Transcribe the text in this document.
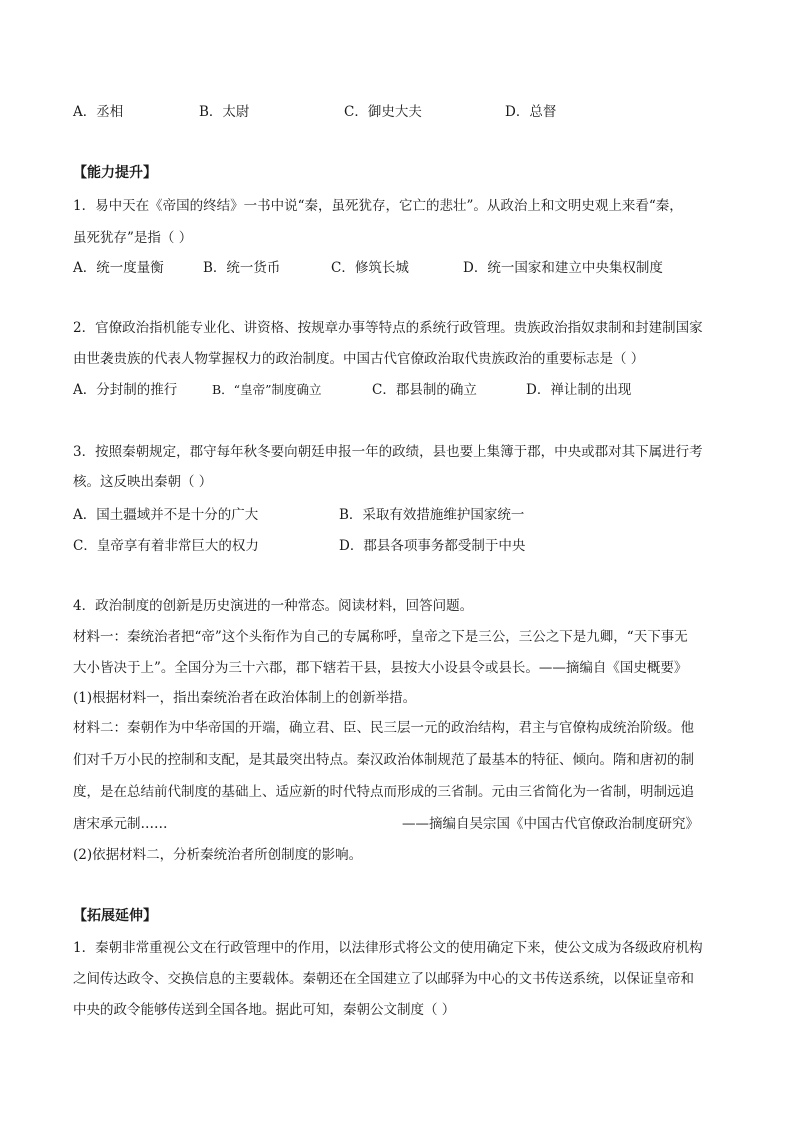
A．丞相	B．太尉	C．御史大夫	D．总督
【能力提升】
1．易中天在《帝国的终结》一书中说“秦，虽死犹存，它亡的悲壮”。从政治上和文明史观上来看“秦，
虽死犹存”是指（ ）
A．统一度量衡	B．统一货币	C．修筑长城	D．统一国家和建立中央集权制度
2．官僚政治指机能专业化、讲资格、按规章办事等特点的系统行政管理。贵族政治指奴隶制和封建制国家
由世袭贵族的代表人物掌握权力的政治制度。中国古代官僚政治取代贵族政治的重要标志是（ ）
A．分封制的推行	B．“皇帝”制度确立	C．郡县制的确立	D．禅让制的出现
3．按照秦朝规定，郡守每年秋冬要向朝廷申报一年的政绩，县也要上集簿于郡，中央或郡对其下属进行考
核。这反映出秦朝（ ）
A．国土疆域并不是十分的广大	B．采取有效措施维护国家统一
C．皇帝享有着非常巨大的权力	D．郡县各项事务都受制于中央
4．政治制度的创新是历史演进的一种常态。阅读材料，回答问题。
材料一：秦统治者把“帝”这个头衔作为自己的专属称呼，皇帝之下是三公，三公之下是九卿，“天下事无
大小皆决于上”。全国分为三十六郡，郡下辖若干县，县按大小设县令或县长。——摘编自《国史概要》
(1)根据材料一，指出秦统治者在政治体制上的创新举措。
材料二：秦朝作为中华帝国的开端，确立君、臣、民三层一元的政治结构，君主与官僚构成统治阶级。他
们对千万小民的控制和支配，是其最突出特点。秦汉政治体制规范了最基本的特征、倾向。隋和唐初的制
度，是在总结前代制度的基础上、适应新的时代特点而形成的三省制。元由三省简化为一省制，明制远追
唐宋承元制……	——摘编自吴宗国《中国古代官僚政治制度研究》
(2)依据材料二，分析秦统治者所创制度的影响。
【拓展延伸】
1．秦朝非常重视公文在行政管理中的作用，以法律形式将公文的使用确定下来，使公文成为各级政府机构
之间传达政令、交换信息的主要载体。秦朝还在全国建立了以邮驿为中心的文书传送系统，以保证皇帝和
中央的政令能够传送到全国各地。据此可知，秦朝公文制度（ ）
